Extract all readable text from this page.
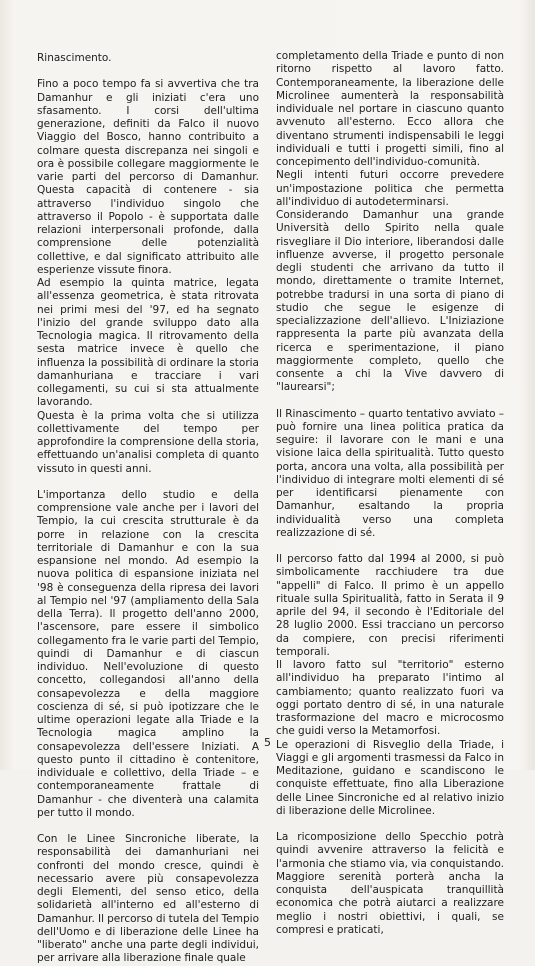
Rinascimento.

Fino a poco tempo fa si avvertiva che tra Damanhur e gli iniziati c'era uno sfasamento. I corsi dell'ultima generazione, definiti da Falco il nuovo Viaggio del Bosco, hanno contribuito a colmare questa discrepanza nei singoli e ora è possibile collegare maggiormente le varie parti del percorso di Damanhur. Questa capacità di contenere - sia attraverso l'individuo singolo che attraverso il Popolo - è supportata dalle relazioni interpersonali profonde, dalla comprensione delle potenzialità collettive, e dal significato attribuito alle esperienze vissute finora.

Ad esempio la quinta matrice, legata all'essenza geometrica, è stata ritrovata nei primi mesi del '97, ed ha segnato l'inizio del grande sviluppo dato alla Tecnologia magica. Il ritrovamento della sesta matrice invece è quello che influenza la possibilità di ordinare la storia damanhuriana e tracciare i vari collegamenti, su cui si sta attualmente lavorando.

Questa è la prima volta che si utilizza collettivamente del tempo per approfondire la comprensione della storia, effettuando un'analisi completa di quanto vissuto in questi anni.

L'importanza dello studio e della comprensione vale anche per i lavori del Tempio, la cui crescita strutturale è da porre in relazione con la crescita territoriale di Damanhur e con la sua espansione nel mondo. Ad esempio la nuova politica di espansione iniziata nel '98 è conseguenza della ripresa dei lavori al Tempio nel '97 (ampliamento della Sala della Terra). Il progetto dell'anno 2000, l'ascensore, pare essere il simbolico collegamento fra le varie parti del Tempio, quindi di Damanhur e di ciascun individuo. Nell'evoluzione di questo concetto, collegandosi all'anno della consapevolezza e della maggiore coscienza di sé, si può ipotizzare che le ultime operazioni legate alla Triade e la Tecnologia magica amplino la consapevolezza dell'essere Iniziati. A questo punto il cittadino è contenitore, individuale e collettivo, della Triade – e contemporaneamente frattale di Damanhur - che diventerà una calamita per tutto il mondo.

Con le Linee Sincroniche liberate, la responsabilità dei damanhuriani nei confronti del mondo cresce, quindi è necessario avere più consapevolezza degli Elementi, del senso etico, della solidarietà all'interno ed all'esterno di Damanhur. Il percorso di tutela del Tempio dell'Uomo e di liberazione delle Linee ha "liberato" anche una parte degli individui, per arrivare alla liberazione finale quale

completamento della Triade e punto di non ritorno rispetto al lavoro fatto. Contemporaneamente, la liberazione delle Microlinee aumenterà la responsabilità individuale nel portare in ciascuno quanto avvenuto all'esterno. Ecco allora che diventano strumenti indispensabili le leggi individuali e tutti i progetti simili, fino al concepimento dell'individuo-comunità.

Negli intenti futuri occorre prevedere un'impostazione politica che permetta all'individuo di autodeterminarsi.

Considerando Damanhur una grande Università dello Spirito nella quale risvegliare il Dio interiore, liberandosi dalle influenze avverse, il progetto personale degli studenti che arrivano da tutto il mondo, direttamente o tramite Internet, potrebbe tradursi in una sorta di piano di studio che segue le esigenze di specializzazione dell'allievo. L'Iniziazione rappresenta la parte più avanzata della ricerca e sperimentazione, il piano maggiormente completo, quello che consente a chi la Vive davvero di "laurearsi";

Il Rinascimento – quarto tentativo avviato – può fornire una linea politica pratica da seguire: il lavorare con le mani e una visione laica della spiritualità. Tutto questo porta, ancora una volta, alla possibilità per l'individuo di integrare molti elementi di sé per identificarsi pienamente con Damanhur, esaltando la propria individualità verso una completa realizzazione di sé.

Il percorso fatto dal 1994 al 2000, si può simbolicamente racchiudere tra due "appelli" di Falco. Il primo è un appello rituale sulla Spiritualità, fatto in Serata il 9 aprile del 94, il secondo è l'Editoriale del 28 luglio 2000. Essi tracciano un percorso da compiere, con precisi riferimenti temporali.

Il lavoro fatto sul "territorio" esterno all'individuo ha preparato l'intimo al cambiamento; quanto realizzato fuori va oggi portato dentro di sé, in una naturale trasformazione del macro e microcosmo che guidi verso la Metamorfosi.

Le operazioni di Risveglio della Triade, i Viaggi e gli argomenti trasmessi da Falco in Meditazione, guidano e scandiscono le conquiste effettuate, fino alla Liberazione delle Linee Sincroniche ed al relativo inizio di liberazione delle Microlinee.

La ricomposizione dello Specchio potrà quindi avvenire attraverso la felicità e l'armonia che stiamo via, via conquistando. Maggiore serenità porterà ancha la conquista dell'auspicata tranquillità economica che potrà aiutarci a realizzare meglio i nostri obiettivi, i quali, se compresi e praticati,

5
